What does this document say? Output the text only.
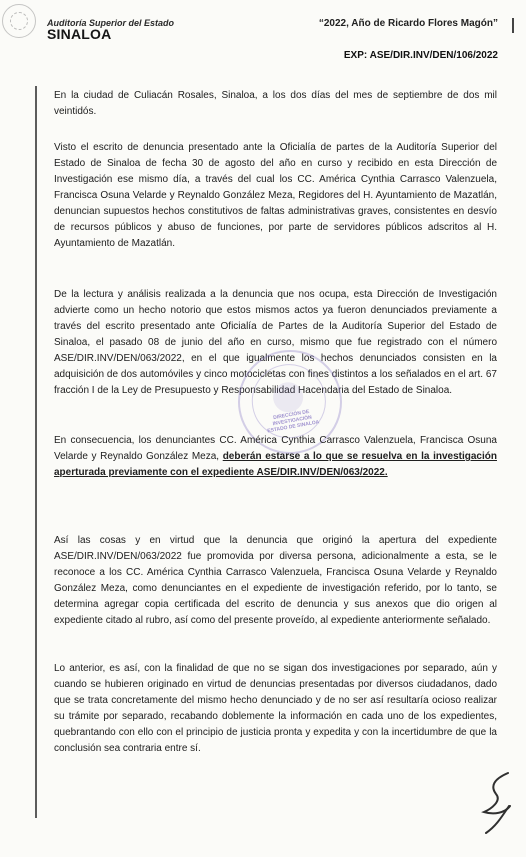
Auditoría Superior del Estado
SINALOA
“2022, Año de Ricardo Flores Magón”
EXP: ASE/DIR.INV/DEN/106/2022

En la ciudad de Culiacán Rosales, Sinaloa, a los dos días del mes de septiembre de dos mil veintidós.

Visto el escrito de denuncia presentado ante la Oficialía de partes de la Auditoría Superior del Estado de Sinaloa de fecha 30 de agosto del año en curso y recibido en esta Dirección de Investigación ese mismo día, a través del cual los CC. América Cynthia Carrasco Valenzuela, Francisca Osuna Velarde y Reynaldo González Meza, Regidores del H. Ayuntamiento de Mazatlán, denuncian supuestos hechos constitutivos de faltas administrativas graves, consistentes en desvío de recursos públicos y abuso de funciones, por parte de servidores públicos adscritos al H. Ayuntamiento de Mazatlán.

De la lectura y análisis realizada a la denuncia que nos ocupa, esta Dirección de Investigación advierte como un hecho notorio que estos mismos actos ya fueron denunciados previamente a través del escrito presentado ante Oficialía de Partes de la Auditoría Superior del Estado de Sinaloa, el pasado 08 de junio del año en curso, mismo que fue registrado con el número ASE/DIR.INV/DEN/063/2022, en el que igualmente los hechos denunciados consisten en la adquisición de dos automóviles y cinco motocicletas con fines distintos a los señalados en el art. 67 fracción I de la Ley de Presupuesto y Responsabilidad Hacendaria del Estado de Sinaloa.

DIRECCIÓN DE INVESTIGACIÓN ESTADO DE SINALOA

En consecuencia, los denunciantes CC. América Cynthia Carrasco Valenzuela, Francisca Osuna Velarde y Reynaldo González Meza, deberán estarse a lo que se resuelva en la investigación aperturada previamente con el expediente ASE/DIR.INV/DEN/063/2022.

Así las cosas y en virtud que la denuncia que originó la apertura del expediente ASE/DIR.INV/DEN/063/2022 fue promovida por diversa persona, adicionalmente a esta, se le reconoce a los CC. América Cynthia Carrasco Valenzuela, Francisca Osuna Velarde y Reynaldo González Meza, como denunciantes en el expediente de investigación referido, por lo tanto, se determina agregar copia certificada del escrito de denuncia y sus anexos que dio origen al expediente citado al rubro, así como del presente proveído, al expediente anteriormente señalado.

Lo anterior, es así, con la finalidad de que no se sigan dos investigaciones por separado, aún y cuando se hubieren originado en virtud de denuncias presentadas por diversos ciudadanos, dado que se trata concretamente del mismo hecho denunciado y de no ser así resultaría ocioso realizar su trámite por separado, recabando doblemente la información en cada uno de los expedientes, quebrantando con ello con el principio de justicia pronta y expedita y con la incertidumbre de que la conclusión sea contraria entre sí.
